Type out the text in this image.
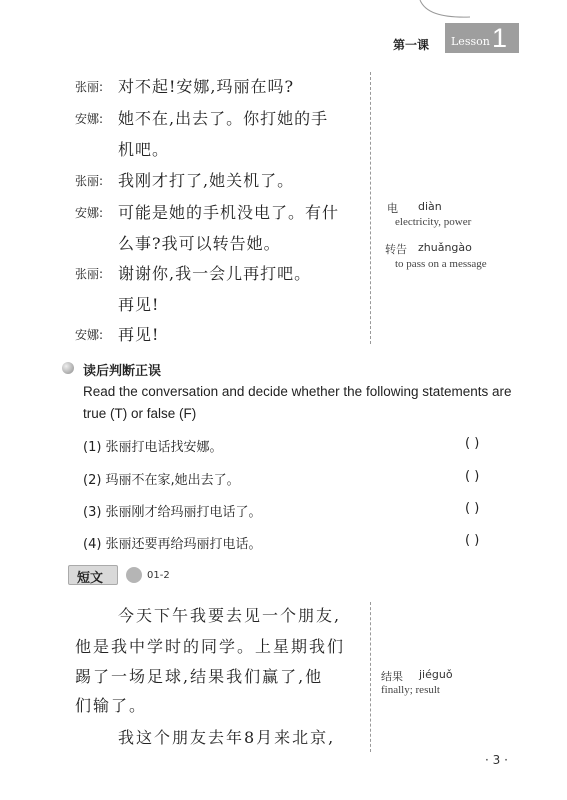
第一课 Lesson 1
张丽: 对不起!安娜,玛丽在吗?
安娜: 她不在,出去了。你打她的手
机吧。
张丽: 我刚才打了,她关机了。
安娜: 可能是她的手机没电了。有什
么事?我可以转告她。
张丽: 谢谢你,我一会儿再打吧。
再见!
安娜: 再见!
电 diàn
electricity, power
转告 zhuǎngào
to pass on a message
读后判断正误
Read the conversation and decide whether the following statements are
true (T) or false (F)
(1) 张丽打电话找安娜。	( )
(2) 玛丽不在家,她出去了。	( )
(3) 张丽刚才给玛丽打电话了。	( )
(4) 张丽还要再给玛丽打电话。	( )
短文	01-2
今天下午我要去见一个朋友,
他是我中学时的同学。上星期我们
踢了一场足球,结果我们赢了,他
们输了。
我这个朋友去年8月来北京,
结果 jiéguǒ
finally; result
· 3 ·
